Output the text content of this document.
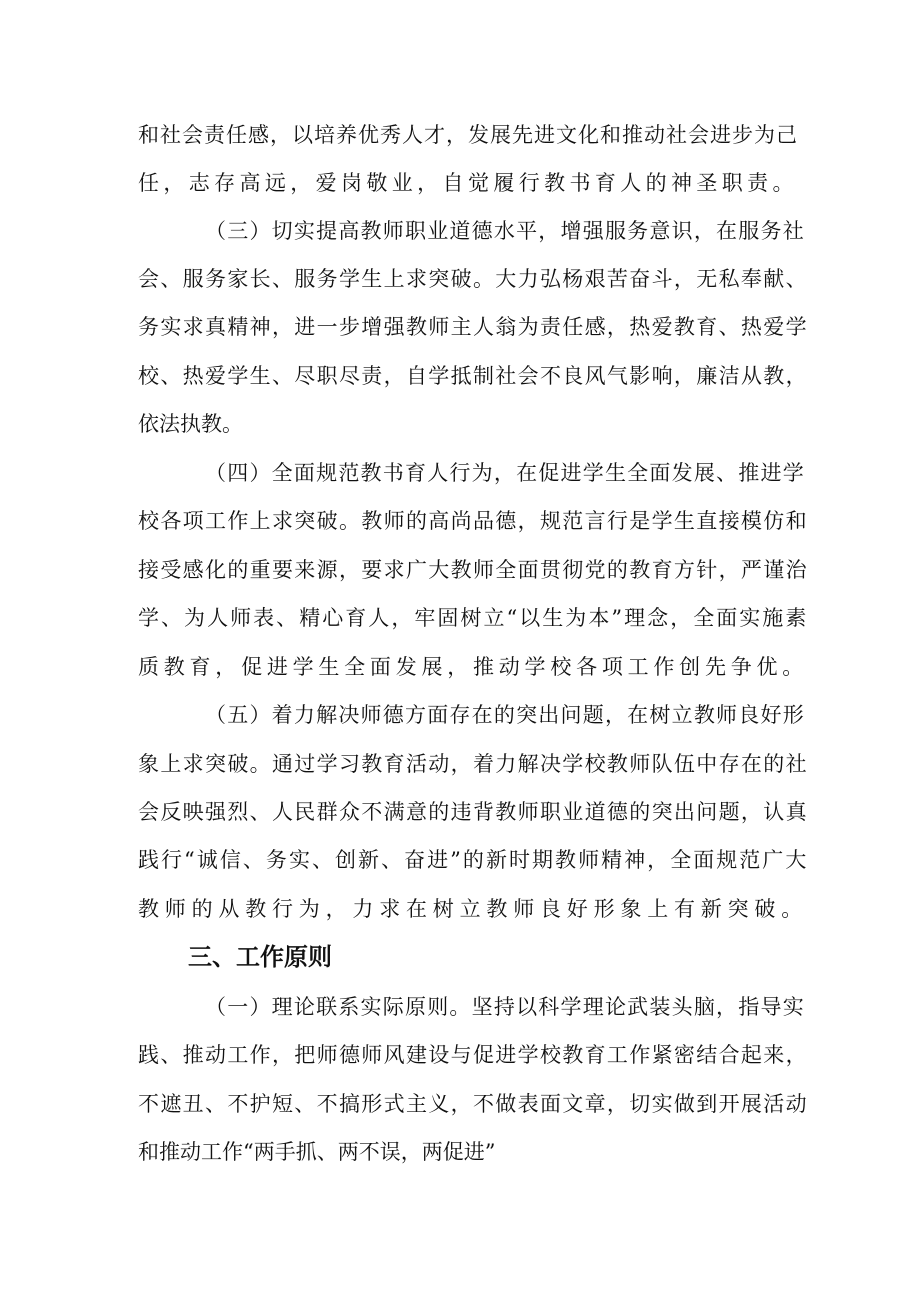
和社会责任感，以培养优秀人才，发展先进文化和推动社会进步为己
任，志存高远，爱岗敬业，自觉履行教书育人的神圣职责。
（三）切实提高教师职业道德水平，增强服务意识，在服务社
会、服务家长、服务学生上求突破。大力弘杨艰苦奋斗，无私奉献、
务实求真精神，进一步增强教师主人翁为责任感，热爱教育、热爱学
校、热爱学生、尽职尽责，自学抵制社会不良风气影响，廉洁从教，
依法执教。
（四）全面规范教书育人行为，在促进学生全面发展、推进学
校各项工作上求突破。教师的高尚品德，规范言行是学生直接模仿和
接受感化的重要来源，要求广大教师全面贯彻党的教育方针，严谨治
学、为人师表、精心育人，牢固树立“以生为本”理念，全面实施素
质教育，促进学生全面发展，推动学校各项工作创先争优。
（五）着力解决师德方面存在的突出问题，在树立教师良好形
象上求突破。通过学习教育活动，着力解决学校教师队伍中存在的社
会反映强烈、人民群众不满意的违背教师职业道德的突出问题，认真
践行“诚信、务实、创新、奋进”的新时期教师精神，全面规范广大
教师的从教行为，力求在树立教师良好形象上有新突破。
三、工作原则
（一）理论联系实际原则。坚持以科学理论武装头脑，指导实
践、推动工作，把师德师风建设与促进学校教育工作紧密结合起来，
不遮丑、不护短、不搞形式主义，不做表面文章，切实做到开展活动
和推动工作“两手抓、两不误，两促进”
